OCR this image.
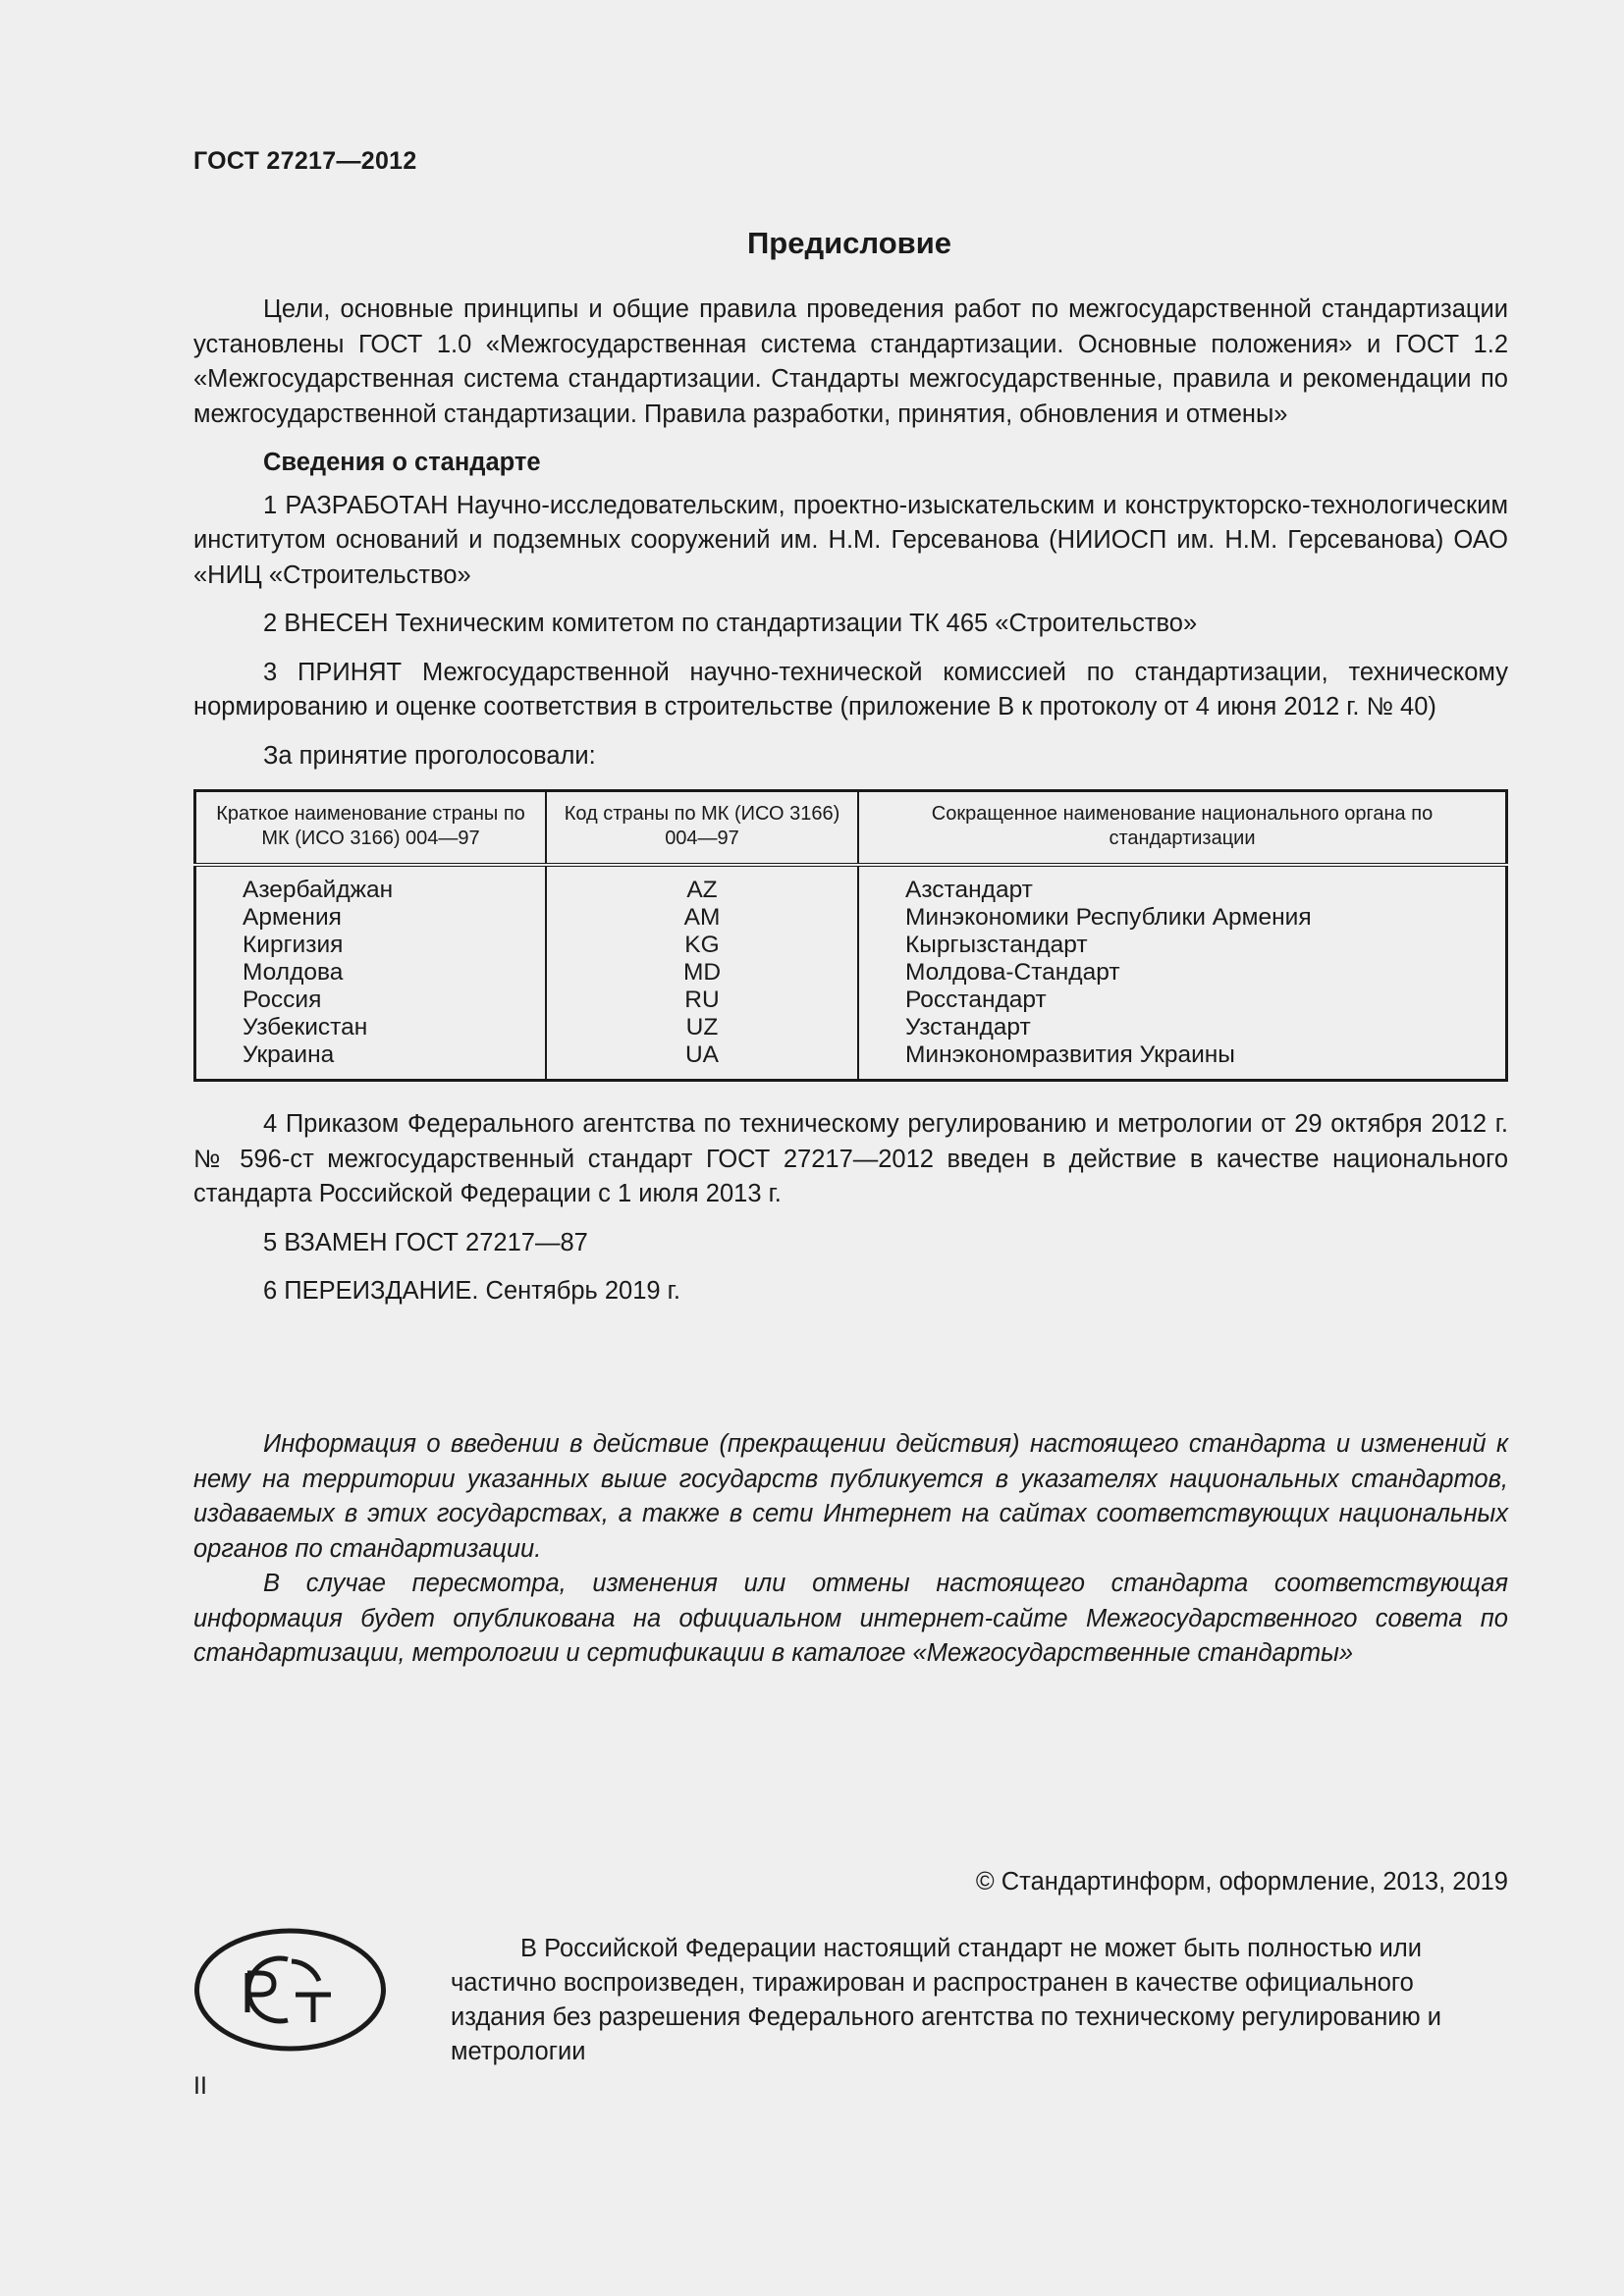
ГОСТ 27217—2012
Предисловие

Цели, основные принципы и общие правила проведения работ по межгосударственной стандартизации установлены ГОСТ 1.0 «Межгосударственная система стандартизации. Основные положения» и ГОСТ 1.2 «Межгосударственная система стандартизации. Стандарты межгосударственные, правила и рекомендации по межгосударственной стандартизации. Правила разработки, принятия, обновления и отмены»

Сведения о стандарте

1 РАЗРАБОТАН Научно-исследовательским, проектно-изыскательским и конструкторско-технологическим институтом оснований и подземных сооружений им. Н.М. Герсеванова (НИИОСП им. Н.М. Герсеванова) ОАО «НИЦ «Строительство»

2 ВНЕСЕН Техническим комитетом по стандартизации ТК 465 «Строительство»

3 ПРИНЯТ Межгосударственной научно-технической комиссией по стандартизации, техническому нормированию и оценке соответствия в строительстве (приложение В к протоколу от 4 июня 2012 г. № 40)

За принятие проголосовали:

Краткое наименование страны по МК (ИСО 3166) 004—97	Код страны по МК (ИСО 3166) 004—97	Сокращенное наименование национального органа по стандартизации
Азербайджан	AZ	Азстандарт
Армения	AM	Минэкономики Республики Армения
Киргизия	KG	Кыргызстандарт
Молдова	MD	Молдова-Стандарт
Россия	RU	Росстандарт
Узбекистан	UZ	Узстандарт
Украина	UA	Минэкономразвития Украины

4 Приказом Федерального агентства по техническому регулированию и метрологии от 29 октября 2012 г. № 596-ст межгосударственный стандарт ГОСТ 27217—2012 введен в действие в качестве национального стандарта Российской Федерации с 1 июля 2013 г.

5 ВЗАМЕН ГОСТ 27217—87

6 ПЕРЕИЗДАНИЕ. Сентябрь 2019 г.

Информация о введении в действие (прекращении действия) настоящего стандарта и изменений к нему на территории указанных выше государств публикуется в указателях национальных стандартов, издаваемых в этих государствах, а также в сети Интернет на сайтах соответствующих национальных органов по стандартизации.

В случае пересмотра, изменения или отмены настоящего стандарта соответствующая информация будет опубликована на официальном интернет-сайте Межгосударственного совета по стандартизации, метрологии и сертификации в каталоге «Межгосударственные стандарты»

© Стандартинформ, оформление, 2013, 2019

В Российской Федерации настоящий стандарт не может быть полностью или частично воспроизведен, тиражирован и распространен в качестве официального издания без разрешения Федерального агентства по техническому регулированию и метрологии

II
